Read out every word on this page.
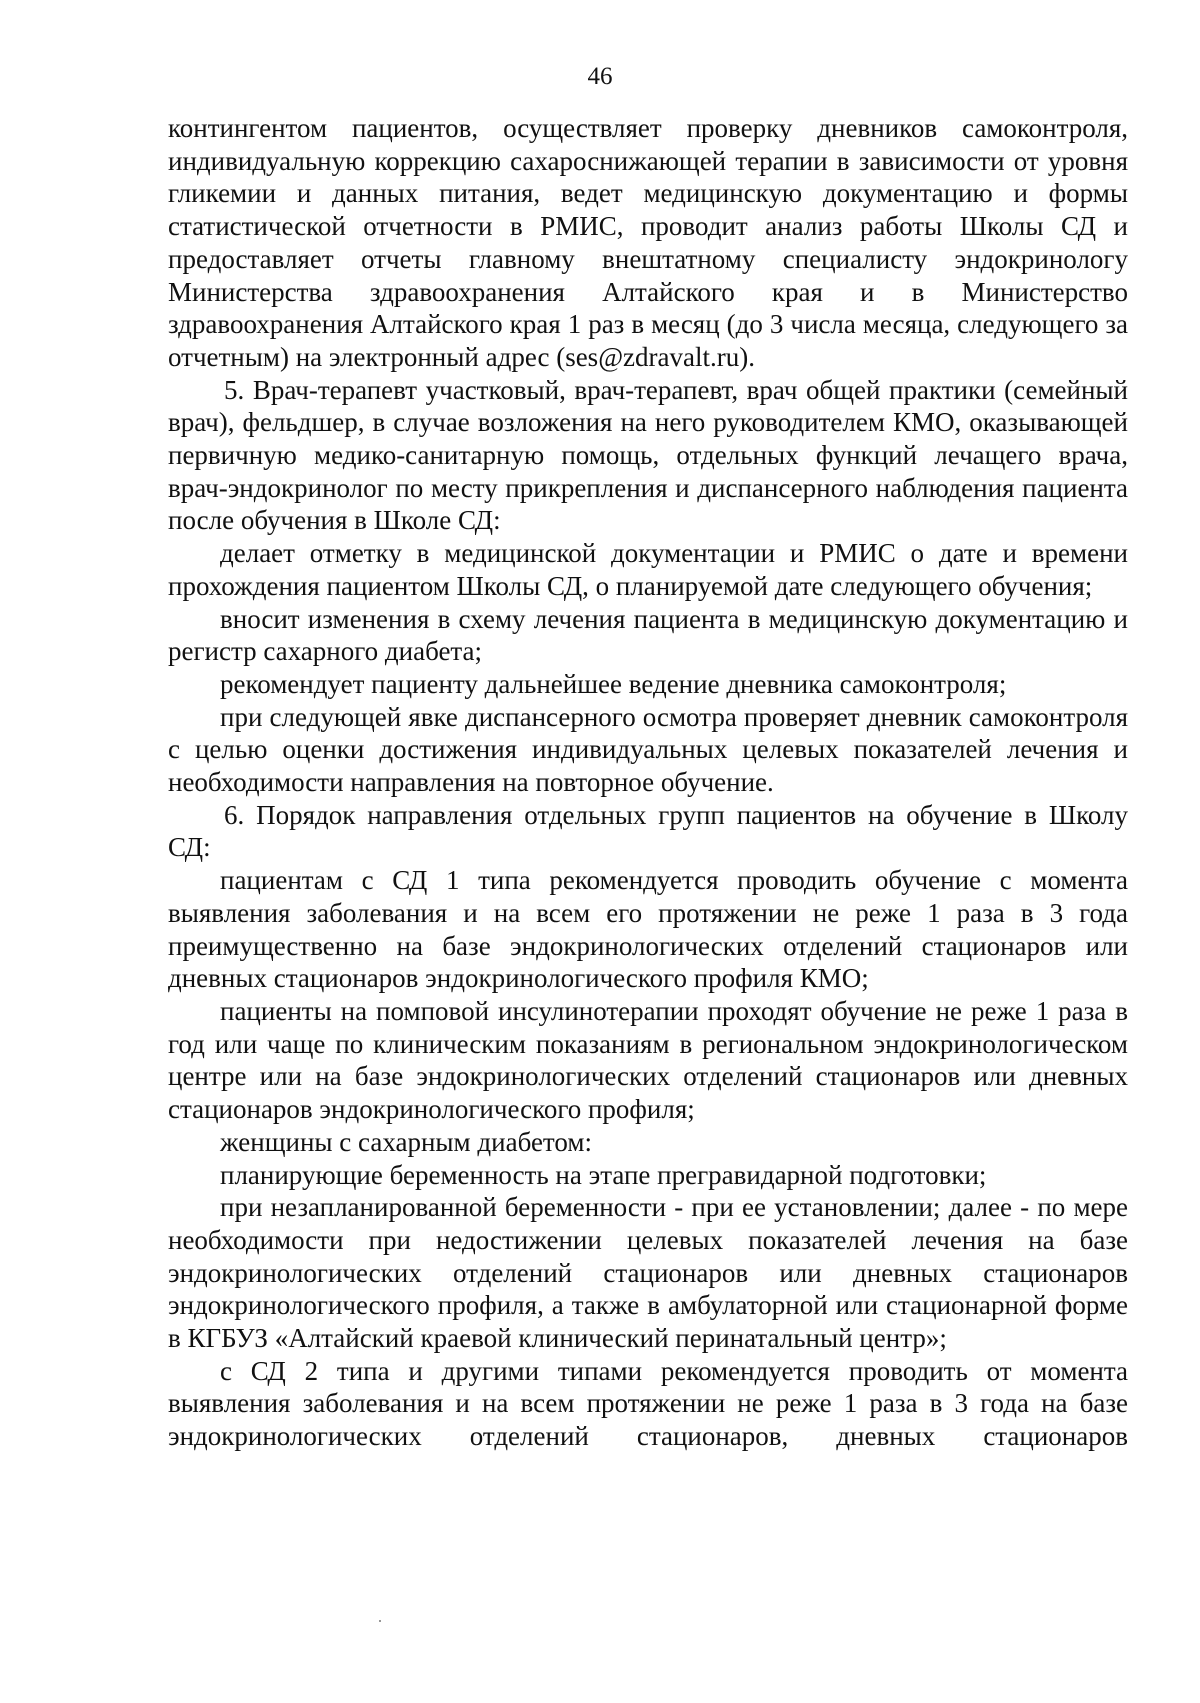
46

контингентом пациентов, осуществляет проверку дневников самоконтроля, индивидуальную коррекцию сахароснижающей терапии в зависимости от уровня гликемии и данных питания, ведет медицинскую документацию и формы статистической отчетности в РМИС, проводит анализ работы Школы СД и предоставляет отчеты главному внештатному специалисту эндокринологу Министерства здравоохранения Алтайского края и в Министерство здравоохранения Алтайского края 1 раз в месяц (до 3 числа месяца, следующего за отчетным) на электронный адрес (ses@zdravalt.ru).

5. Врач-терапевт участковый, врач-терапевт, врач общей практики (семейный врач), фельдшер, в случае возложения на него руководителем КМО, оказывающей первичную медико-санитарную помощь, отдельных функций лечащего врача, врач-эндокринолог по месту прикрепления и диспансерного наблюдения пациента после обучения в Школе СД:

делает отметку в медицинской документации и РМИС о дате и времени прохождения пациентом Школы СД, о планируемой дате следующего обучения;

вносит изменения в схему лечения пациента в медицинскую документацию и регистр сахарного диабета;

рекомендует пациенту дальнейшее ведение дневника самоконтроля;

при следующей явке диспансерного осмотра проверяет дневник самоконтроля с целью оценки достижения индивидуальных целевых показателей лечения и необходимости направления на повторное обучение.

6. Порядок направления отдельных групп пациентов на обучение в Школу СД:

пациентам с СД 1 типа рекомендуется проводить обучение с момента выявления заболевания и на всем его протяжении не реже 1 раза в 3 года преимущественно на базе эндокринологических отделений стационаров или дневных стационаров эндокринологического профиля КМО;

пациенты на помповой инсулинотерапии проходят обучение не реже 1 раза в год или чаще по клиническим показаниям в региональном эндокринологическом центре или на базе эндокринологических отделений стационаров или дневных стационаров эндокринологического профиля;

женщины с сахарным диабетом:

планирующие беременность на этапе прегравидарной подготовки;

при незапланированной беременности - при ее установлении; далее - по мере необходимости при недостижении целевых показателей лечения на базе эндокринологических отделений стационаров или дневных стационаров эндокринологического профиля, а также в амбулаторной или стационарной форме в КГБУЗ «Алтайский краевой клинический перинатальный центр»;

с СД 2 типа и другими типами рекомендуется проводить от момента выявления заболевания и на всем протяжении не реже 1 раза в 3 года на базе эндокринологических отделений стационаров, дневных стационаров
